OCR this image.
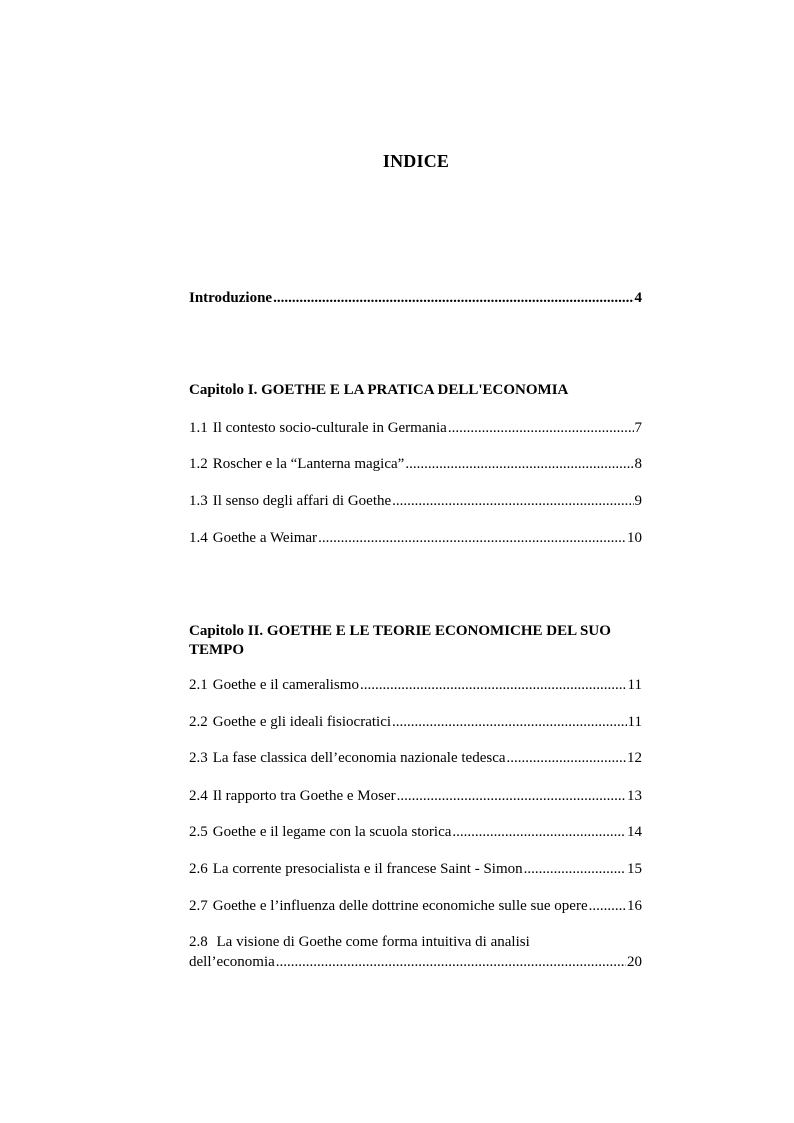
INDICE
Introduzione .....	4
Capitolo I. GOETHE E LA PRATICA DELL'ECONOMIA
1.1 Il contesto socio-culturale in Germania .....	7
1.2 Roscher e la “Lanterna magica” .....	8
1.3 Il senso degli affari di Goethe .....	9
1.4 Goethe a Weimar .....	10
Capitolo II. GOETHE E LE TEORIE ECONOMICHE DEL SUO TEMPO
2.1 Goethe e il cameralismo .....	11
2.2 Goethe e gli ideali fisiocratici .....	11
2.3 La fase classica dell’economia nazionale tedesca .....	12
2.4 Il rapporto tra Goethe e Moser .....	13
2.5 Goethe e il legame con la scuola storica .....	14
2.6 La corrente presocialista e il francese Saint - Simon .....	15
2.7 Goethe e l’influenza delle dottrine economiche sulle sue opere .....	16
2.8 La visione di Goethe come forma intuitiva di analisi
dell’economia .....	20
